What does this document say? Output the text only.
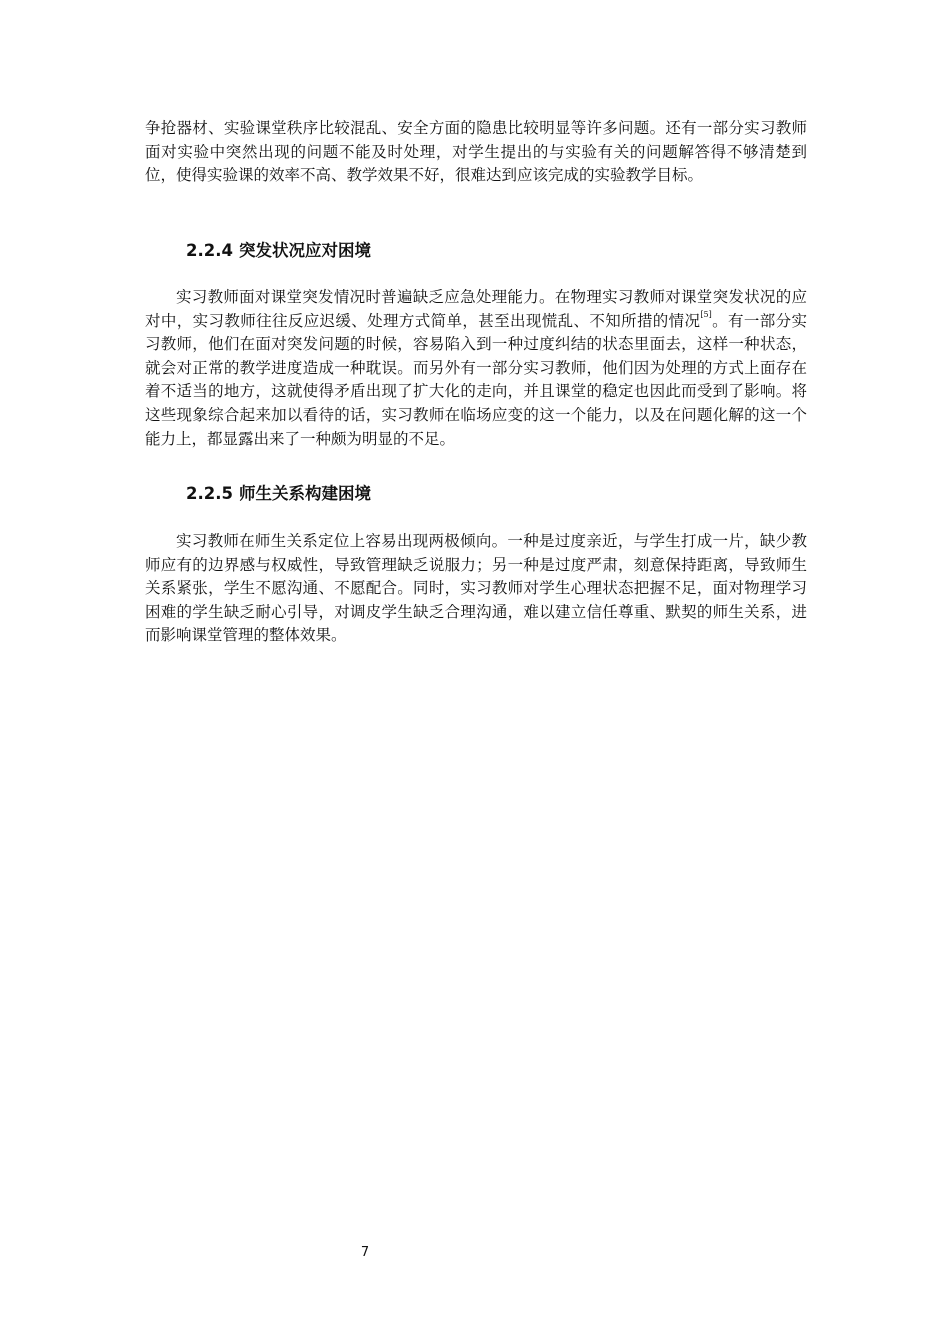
争抢器材、实验课堂秩序比较混乱、安全方面的隐患比较明显等许多问题。还有一部分实习教师面对实验中突然出现的问题不能及时处理，对学生提出的与实验有关的问题解答得不够清楚到位，使得实验课的效率不高、教学效果不好，很难达到应该完成的实验教学目标。

2.2.4 突发状况应对困境

实习教师面对课堂突发情况时普遍缺乏应急处理能力。在物理实习教师对课堂突发状况的应对中，实习教师往往反应迟缓、处理方式简单，甚至出现慌乱、不知所措的情况[5]。有一部分实习教师，他们在面对突发问题的时候，容易陷入到一种过度纠结的状态里面去，这样一种状态，就会对正常的教学进度造成一种耽误。而另外有一部分实习教师，他们因为处理的方式上面存在着不适当的地方，这就使得矛盾出现了扩大化的走向，并且课堂的稳定也因此而受到了影响。将这些现象综合起来加以看待的话，实习教师在临场应变的这一个能力，以及在问题化解的这一个能力上，都显露出来了一种颇为明显的不足。

2.2.5 师生关系构建困境

实习教师在师生关系定位上容易出现两极倾向。一种是过度亲近，与学生打成一片，缺少教师应有的边界感与权威性，导致管理缺乏说服力；另一种是过度严肃，刻意保持距离，导致师生关系紧张，学生不愿沟通、不愿配合。同时，实习教师对学生心理状态把握不足，面对物理学习困难的学生缺乏耐心引导，对调皮学生缺乏合理沟通，难以建立信任尊重、默契的师生关系，进而影响课堂管理的整体效果。

7
